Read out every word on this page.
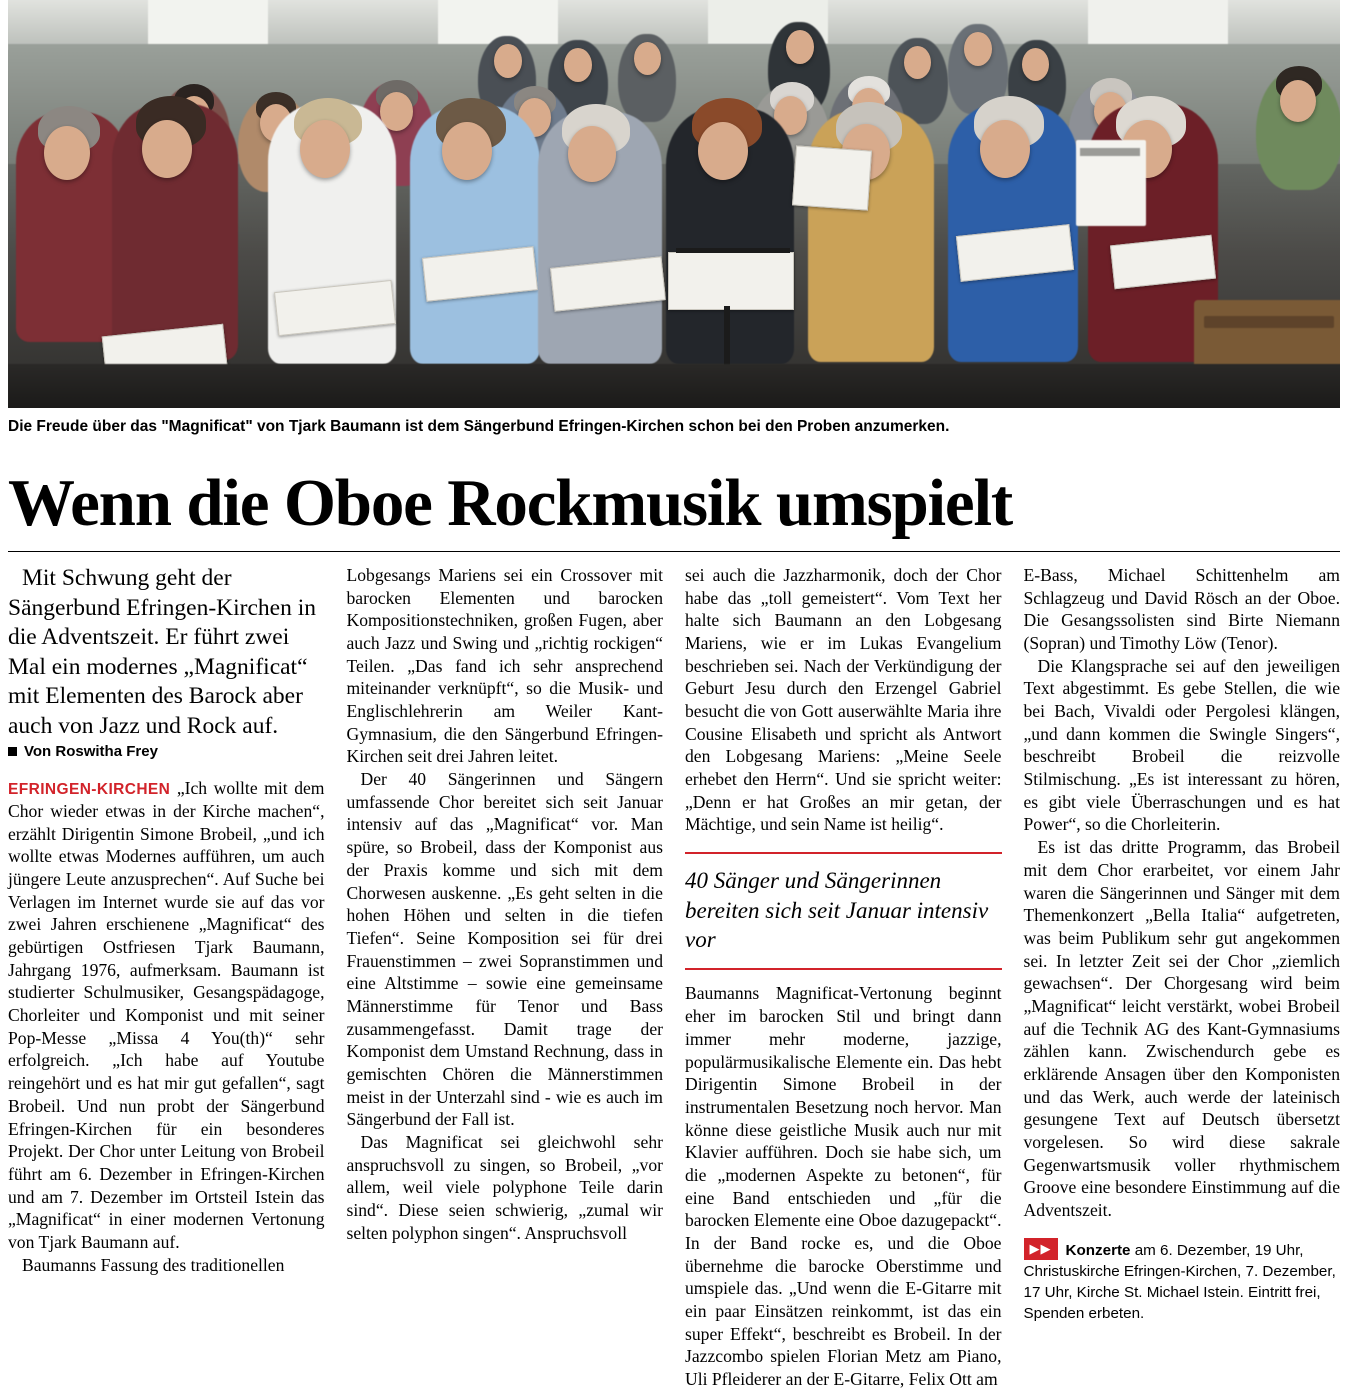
Die Freude über das "Magnificat" von Tjark Baumann ist dem Sängerbund Efringen-Kirchen schon bei den Proben anzumerken.
Wenn die Oboe Rockmusik umspielt

Mit Schwung geht der Sängerbund Efringen-Kirchen in die Adventszeit. Er führt zwei Mal ein modernes „Magnificat“ mit Elementen des Barock aber auch von Jazz und Rock auf.

Von Roswitha Frey

EFRINGEN-KIRCHEN „Ich wollte mit dem Chor wieder etwas in der Kirche machen“, erzählt Dirigentin Simone Brobeil, „und ich wollte etwas Modernes aufführen, um auch jüngere Leute anzusprechen“. Auf Suche bei Verlagen im Internet wurde sie auf das vor zwei Jahren erschienene „Magnificat“ des gebürtigen Ostfriesen Tjark Baumann, Jahrgang 1976, aufmerksam. Baumann ist studierter Schulmusiker, Gesangspädagoge, Chorleiter und Komponist und mit seiner Pop-Messe „Missa 4 You(th)“ sehr erfolgreich. „Ich habe auf Youtube reingehört und es hat mir gut gefallen“, sagt Brobeil. Und nun probt der Sängerbund Efringen-Kirchen für ein besonderes Projekt. Der Chor unter Leitung von Brobeil führt am 6. Dezember in Efringen-Kirchen und am 7. Dezember im Ortsteil Istein das „Magnificat“ in einer modernen Vertonung von Tjark Baumann auf.

Baumanns Fassung des traditionellen

Lobgesangs Mariens sei ein Crossover mit barocken Elementen und barocken Kompositionstechniken, großen Fugen, aber auch Jazz und Swing und „richtig rockigen“ Teilen. „Das fand ich sehr ansprechend miteinander verknüpft“, so die Musik- und Englischlehrerin am Weiler Kant-Gymnasium, die den Sängerbund Efringen-Kirchen seit drei Jahren leitet.

Der 40 Sängerinnen und Sängern umfassende Chor bereitet sich seit Januar intensiv auf das „Magnificat“ vor. Man spüre, so Brobeil, dass der Komponist aus der Praxis komme und sich mit dem Chorwesen auskenne. „Es geht selten in die hohen Höhen und selten in die tiefen Tiefen“. Seine Komposition sei für drei Frauenstimmen – zwei Sopranstimmen und eine Altstimme – sowie eine gemeinsame Männerstimme für Tenor und Bass zusammengefasst. Damit trage der Komponist dem Umstand Rechnung, dass in gemischten Chören die Männerstimmen meist in der Unterzahl sind - wie es auch im Sängerbund der Fall ist.

Das Magnificat sei gleichwohl sehr anspruchsvoll zu singen, so Brobeil, „vor allem, weil viele polyphone Teile darin sind“. Diese seien schwierig, „zumal wir selten polyphon singen“. Anspruchsvoll

sei auch die Jazzharmonik, doch der Chor habe das „toll gemeistert“. Vom Text her halte sich Baumann an den Lobgesang Mariens, wie er im Lukas Evangelium beschrieben sei. Nach der Verkündigung der Geburt Jesu durch den Erzengel Gabriel besucht die von Gott auserwählte Maria ihre Cousine Elisabeth und spricht als Antwort den Lobgesang Mariens: „Meine Seele erhebet den Herrn“. Und sie spricht weiter: „Denn er hat Großes an mir getan, der Mächtige, und sein Name ist heilig“.

40 Sänger und Sängerinnen bereiten sich seit Januar intensiv vor

Baumanns Magnificat-Vertonung beginnt eher im barocken Stil und bringt dann immer mehr moderne, jazzige, populärmusikalische Elemente ein. Das hebt Dirigentin Simone Brobeil in der instrumentalen Besetzung noch hervor. Man könne diese geistliche Musik auch nur mit Klavier aufführen. Doch sie habe sich, um die „modernen Aspekte zu betonen“, für eine Band entschieden und „für die barocken Elemente eine Oboe dazugepackt“. In der Band rocke es, und die Oboe übernehme die barocke Oberstimme und umspiele das. „Und wenn die E-Gitarre mit ein paar Einsätzen reinkommt, ist das ein super Effekt“, beschreibt es Brobeil. In der Jazzcombo spielen Florian Metz am Piano, Uli Pfleiderer an der E-Gitarre, Felix Ott am

E-Bass, Michael Schittenhelm am Schlagzeug und David Rösch an der Oboe. Die Gesangssolisten sind Birte Niemann (Sopran) und Timothy Löw (Tenor).

Die Klangsprache sei auf den jeweiligen Text abgestimmt. Es gebe Stellen, die wie bei Bach, Vivaldi oder Pergolesi klängen, „und dann kommen die Swingle Singers“, beschreibt Brobeil die reizvolle Stilmischung. „Es ist interessant zu hören, es gibt viele Überraschungen und es hat Power“, so die Chorleiterin.

Es ist das dritte Programm, das Brobeil mit dem Chor erarbeitet, vor einem Jahr waren die Sängerinnen und Sänger mit dem Themenkonzert „Bella Italia“ aufgetreten, was beim Publikum sehr gut angekommen sei. In letzter Zeit sei der Chor „ziemlich gewachsen“. Der Chorgesang wird beim „Magnificat“ leicht verstärkt, wobei Brobeil auf die Technik AG des Kant-Gymnasiums zählen kann. Zwischendurch gebe es erklärende Ansagen über den Komponisten und das Werk, auch werde der lateinisch gesungene Text auf Deutsch übersetzt vorgelesen. So wird diese sakrale Gegenwartsmusik voller rhythmischem Groove eine besondere Einstimmung auf die Adventszeit.

▶▶ Konzerte am 6. Dezember, 19 Uhr, Christuskirche Efringen-Kirchen, 7. Dezember, 17 Uhr, Kirche St. Michael Istein. Eintritt frei, Spenden erbeten.
